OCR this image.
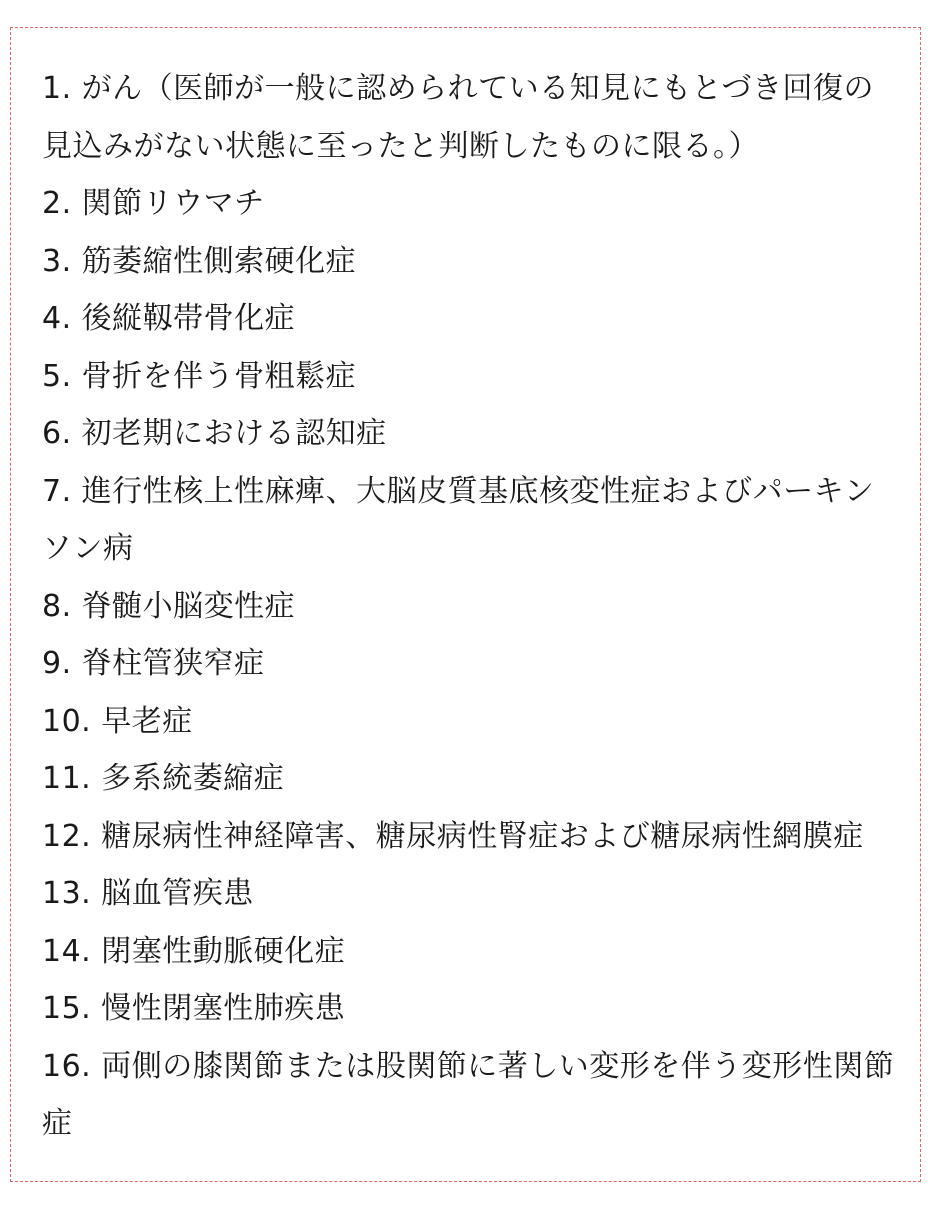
1. がん（医師が一般に認められている知見にもとづき回復の見込みがない状態に至ったと判断したものに限る。）
2. 関節リウマチ
3. 筋萎縮性側索硬化症
4. 後縦靱帯骨化症
5. 骨折を伴う骨粗鬆症
6. 初老期における認知症
7. 進行性核上性麻痺、大脳皮質基底核変性症およびパーキンソン病
8. 脊髄小脳変性症
9. 脊柱管狭窄症
10. 早老症
11. 多系統萎縮症
12. 糖尿病性神経障害、糖尿病性腎症および糖尿病性網膜症
13. 脳血管疾患
14. 閉塞性動脈硬化症
15. 慢性閉塞性肺疾患
16. 両側の膝関節または股関節に著しい変形を伴う変形性関節症
